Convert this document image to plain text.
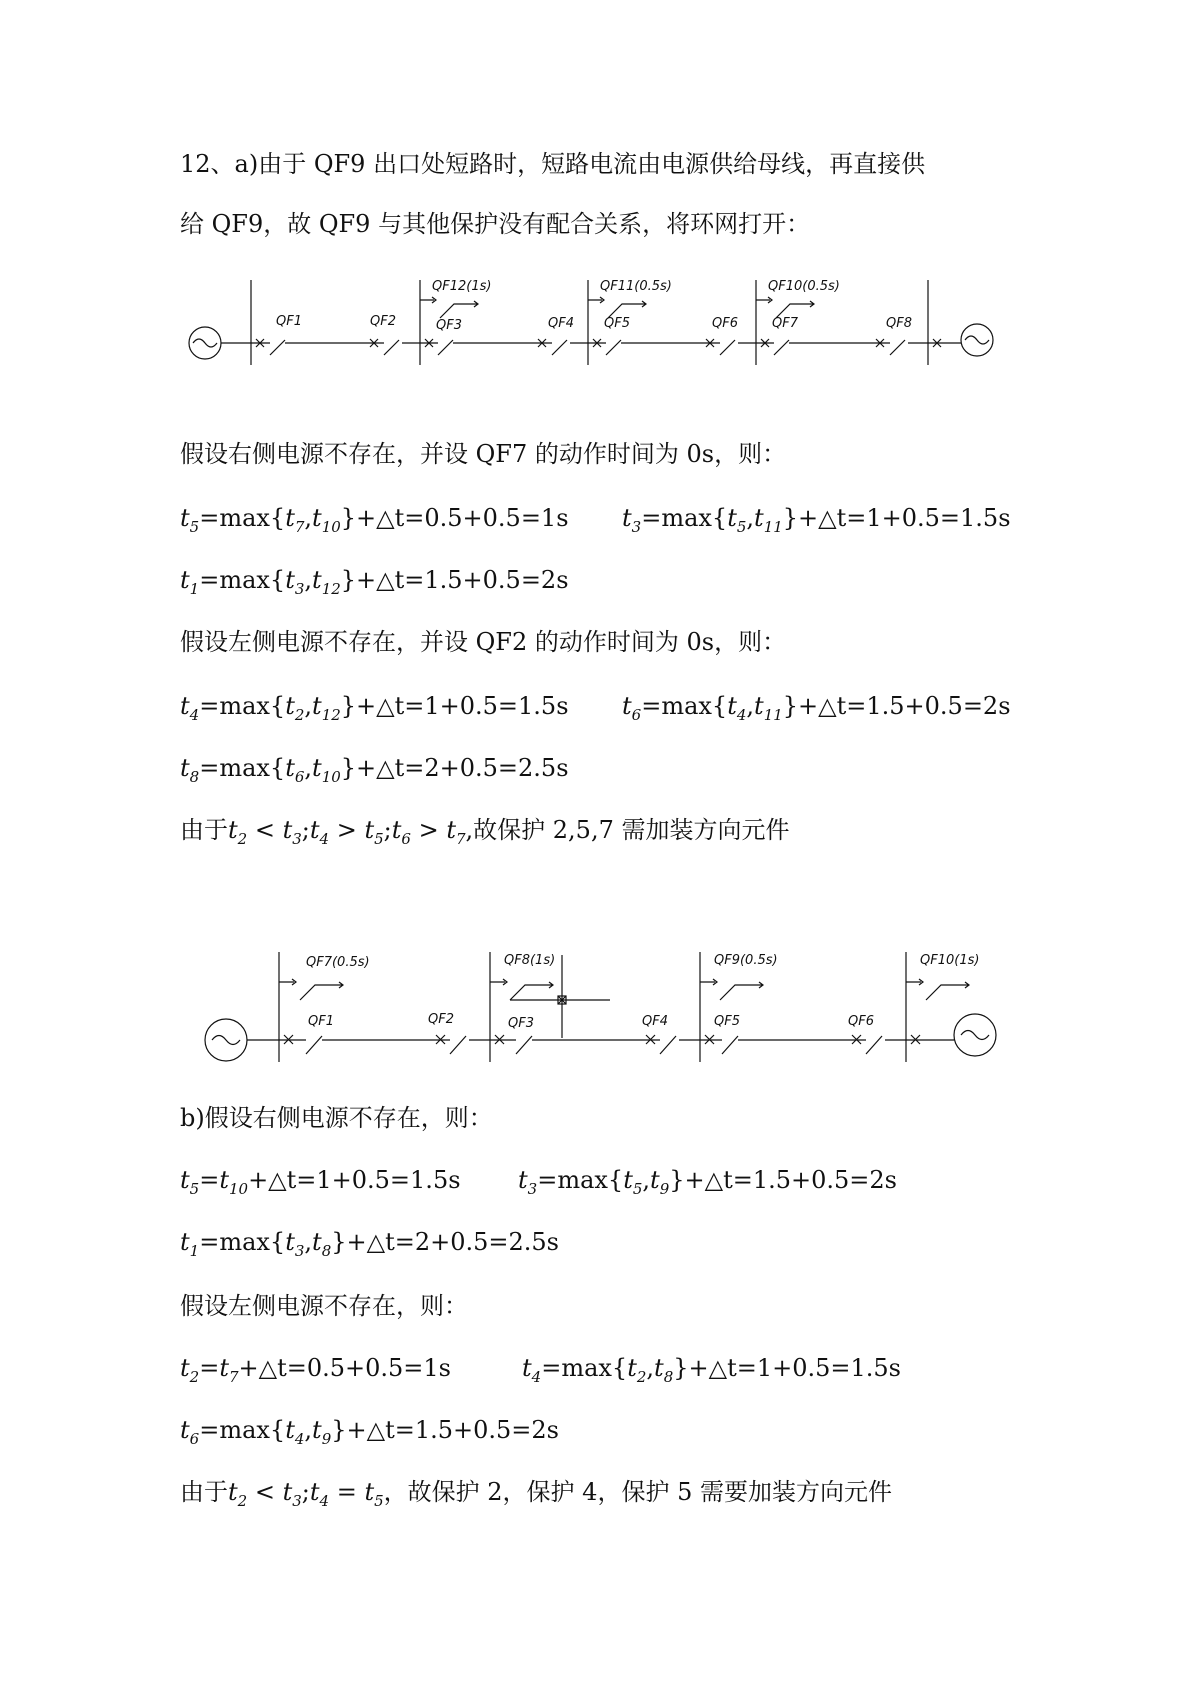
12、a)由于 QF9 出口处短路时，短路电流由电源供给母线，再直接供
给 QF9，故 QF9 与其他保护没有配合关系，将环网打开：
QF1	QF2	QF3	QF4 QF5	QF6	QF7	QF8
QF12(1s)	QF11(0.5s)	QF10(0.5s)
假设右侧电源不存在，并设 QF7 的动作时间为 0s，则：
$t_5=\max\{t_7,t_{10}\}+\triangle t=0.5+0.5=1s$ $t_3=\max\{t_5,t_{11}\}+\triangle t=1+0.5=1.5s$
$t_1=\max\{t_3,t_{12}\}+\triangle t=1.5+0.5=2s$
假设左侧电源不存在，并设 QF2 的动作时间为 0s，则：
$t_4=\max\{t_2,t_{12}\}+\triangle t=1+0.5=1.5s$ $t_6=\max\{t_4,t_{11}\}+\triangle t=1.5+0.5=2s$
$t_8=\max\{t_6,t_{10}\}+\triangle t=2+0.5=2.5s$
由于$t_2$ < $t_3;t_4$ > $t_5;t_6 > t_7$,故保护 2,5,7 需加装方向元件
QF1	QF2	QF3	QF4	QF5	QF6
QF7(0.5s)	QF8(1s)	QF9(0.5s)	QF10(1s)
b)假设右侧电源不存在，则：
$t_5=t_{10}+\triangle t=1+0.5=1.5s$ $t_3=\max\{t_5,t_9\}+\triangle t=1.5+0.5=2s$
$t_1=\max\{t_3,t_8\}+\triangle t=2+0.5=2.5s$
假设左侧电源不存在，则：
$t_2=t_7+\triangle t=0.5+0.5=1s$	$t_4=\max\{t_2,t_8\}+\triangle t=1+0.5=1.5s$
$t_6=\max\{t_4,t_9\}+\triangle t=1.5+0.5=2s$
由于$t_2$ < $t_3;t_4 = t_5$，故保护 2，保护 4，保护 5 需要加装方向元件
